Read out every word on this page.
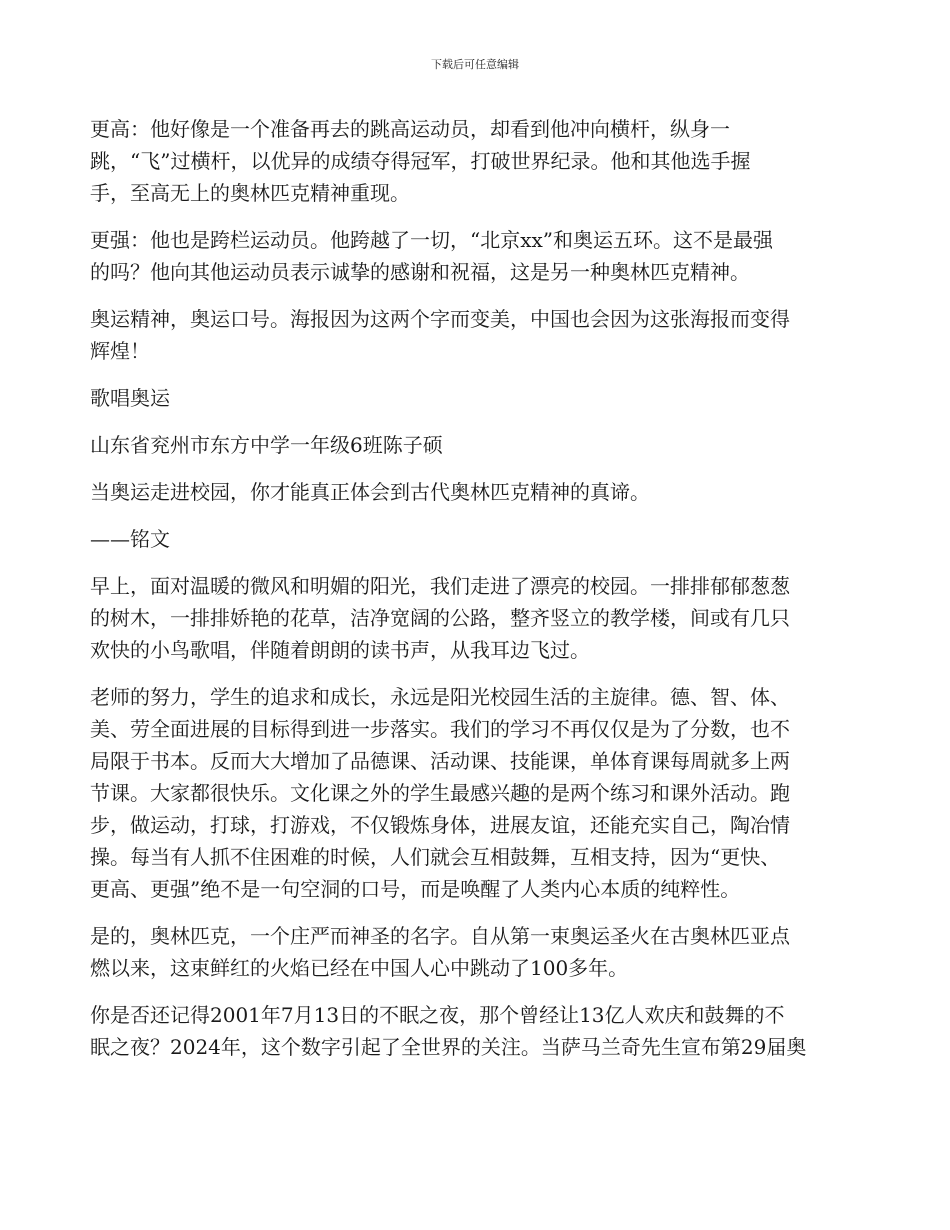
下载后可任意编辑

更高：他好像是一个准备再去的跳高运动员，却看到他冲向横杆，纵身一
跳，“飞”过横杆，以优异的成绩夺得冠军，打破世界纪录。他和其他选手握
手，至高无上的奥林匹克精神重现。

更强：他也是跨栏运动员。他跨越了一切，“北京xx”和奥运五环。这不是最强
的吗？他向其他运动员表示诚挚的感谢和祝福，这是另一种奥林匹克精神。

奥运精神，奥运口号。海报因为这两个字而变美，中国也会因为这张海报而变得
辉煌！

歌唱奥运

山东省兖州市东方中学一年级6班陈子硕

当奥运走进校园，你才能真正体会到古代奥林匹克精神的真谛。

——铭文

早上，面对温暖的微风和明媚的阳光，我们走进了漂亮的校园。一排排郁郁葱葱
的树木，一排排娇艳的花草，洁净宽阔的公路，整齐竖立的教学楼，间或有几只
欢快的小鸟歌唱，伴随着朗朗的读书声，从我耳边飞过。

老师的努力，学生的追求和成长，永远是阳光校园生活的主旋律。德、智、体、
美、劳全面进展的目标得到进一步落实。我们的学习不再仅仅是为了分数，也不
局限于书本。反而大大增加了品德课、活动课、技能课，单体育课每周就多上两
节课。大家都很快乐。文化课之外的学生最感兴趣的是两个练习和课外活动。跑
步，做运动，打球，打游戏，不仅锻炼身体，进展友谊，还能充实自己，陶冶情
操。每当有人抓不住困难的时候，人们就会互相鼓舞，互相支持，因为“更快、
更高、更强”绝不是一句空洞的口号，而是唤醒了人类内心本质的纯粹性。

是的，奥林匹克，一个庄严而神圣的名字。自从第一束奥运圣火在古奥林匹亚点
燃以来，这束鲜红的火焰已经在中国人心中跳动了100多年。

你是否还记得2001年7月13日的不眠之夜，那个曾经让13亿人欢庆和鼓舞的不
眠之夜？2024年，这个数字引起了全世界的关注。当萨马兰奇先生宣布第29届奥
